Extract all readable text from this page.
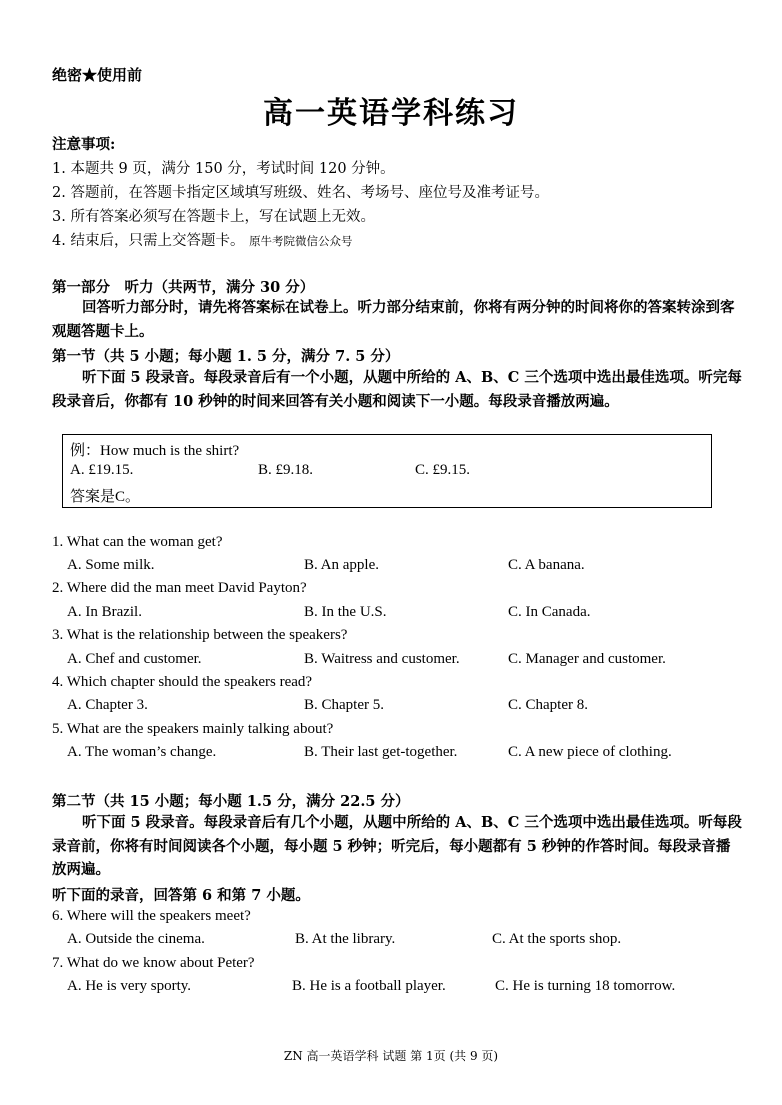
绝密★使用前
高一英语学科练习
注意事项:
1. 本题共 9 页，满分 150 分，考试时间 120 分钟。
2. 答题前，在答题卡指定区域填写班级、姓名、考场号、座位号及准考证号。
3. 所有答案必须写在答题卡上，写在试题上无效。
4. 结束后，只需上交答题卡。 原牛考院微信公众号
第一部分　听力（共两节，满分 30 分）
回答听力部分时，请先将答案标在试卷上。听力部分结束前，你将有两分钟的时间将你的答案转涂到客观题答题卡上。
第一节（共 5 小题；每小题 1. 5 分，满分 7. 5 分）
听下面 5 段录音。每段录音后有一个小题，从题中所给的 A、B、C 三个选项中选出最佳选项。听完每段录音后，你都有 10 秒钟的时间来回答有关小题和阅读下一小题。每段录音播放两遍。
例：How much is the shirt?
A. £19.15.	B. £9.18.	C. £9.15.
答案是C。
1. What can the woman get?
A. Some milk.	B. An apple.	C. A banana.
2. Where did the man meet David Payton?
A. In Brazil.	B. In the U.S.	C. In Canada.
3. What is the relationship between the speakers?
A. Chef and customer.	B. Waitress and customer.	C. Manager and customer.
4. Which chapter should the speakers read?
A. Chapter 3.	B. Chapter 5.	C. Chapter 8.
5. What are the speakers mainly talking about?
A. The woman’s change.	B. Their last get-together.	C. A new piece of clothing.
第二节（共 15 小题；每小题 1.5 分，满分 22.5 分）
听下面 5 段录音。每段录音后有几个小题，从题中所给的 A、B、C 三个选项中选出最佳选项。听每段录音前，你将有时间阅读各个小题，每小题 5 秒钟；听完后，每小题都有 5 秒钟的作答时间。每段录音播放两遍。
听下面的录音，回答第 6 和第 7 小题。
6. Where will the speakers meet?
A. Outside the cinema.	B. At the library.	C. At the sports shop.
7. What do we know about Peter?
A. He is very sporty.	B. He is a football player.	C. He is turning 18 tomorrow.
ZN 高一英语学科 试题 第 1页 (共 9 页)
